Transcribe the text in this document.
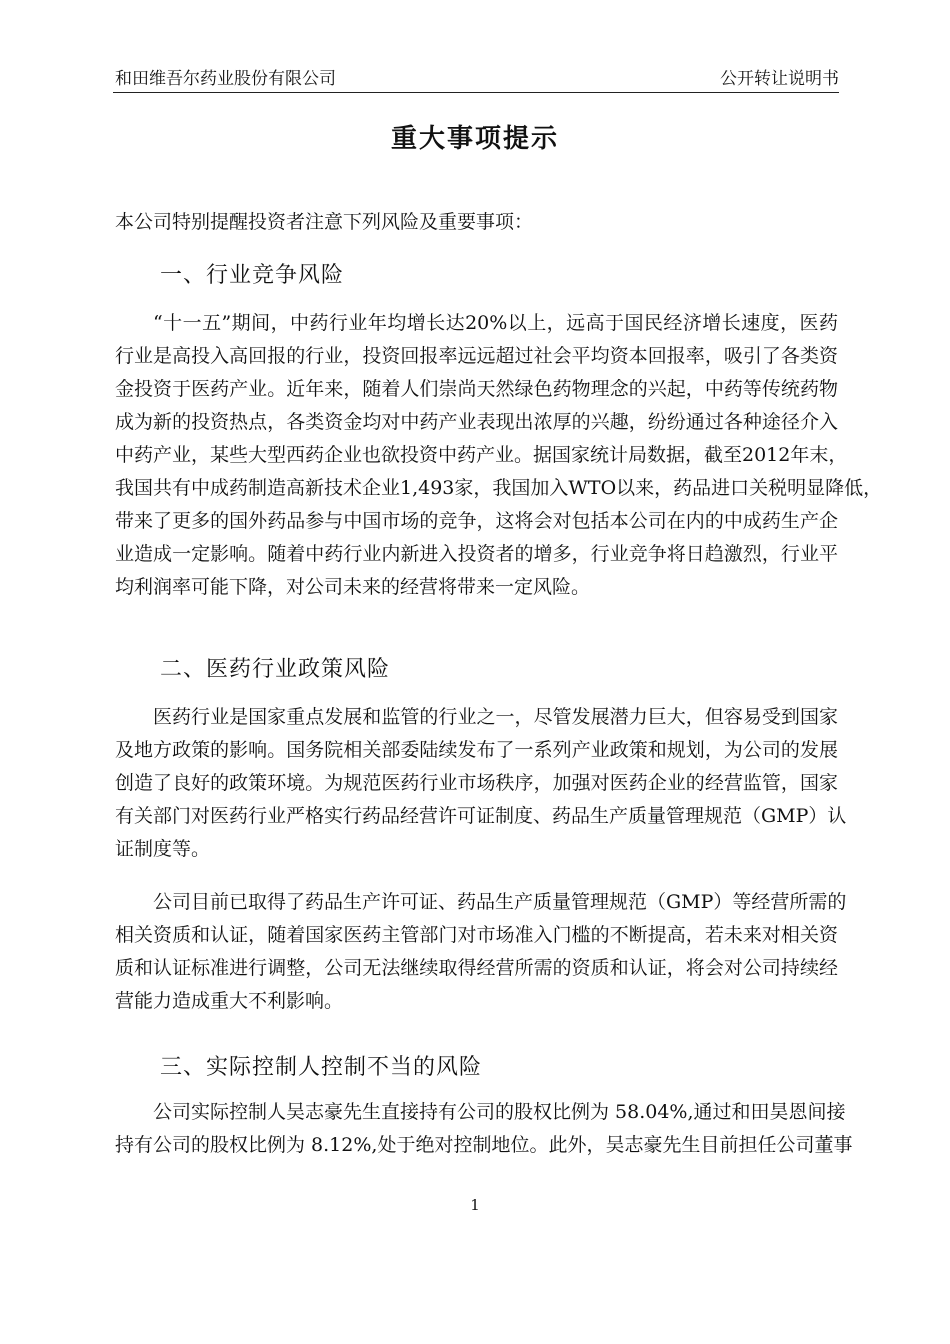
和田维吾尔药业股份有限公司	公开转让说明书
重大事项提示
本公司特别提醒投资者注意下列风险及重要事项：
一、行业竞争风险
“十一五”期间，中药行业年均增长达20%以上，远高于国民经济增长速度，医药
行业是高投入高回报的行业，投资回报率远远超过社会平均资本回报率，吸引了各类资
金投资于医药产业。近年来，随着人们崇尚天然绿色药物理念的兴起，中药等传统药物
成为新的投资热点，各类资金均对中药产业表现出浓厚的兴趣，纷纷通过各种途径介入
中药产业，某些大型西药企业也欲投资中药产业。据国家统计局数据，截至2012年末，
我国共有中成药制造高新技术企业1,493家，我国加入WTO以来，药品进口关税明显降低，
带来了更多的国外药品参与中国市场的竞争，这将会对包括本公司在内的中成药生产企
业造成一定影响。随着中药行业内新进入投资者的增多，行业竞争将日趋激烈，行业平
均利润率可能下降，对公司未来的经营将带来一定风险。
二、医药行业政策风险
医药行业是国家重点发展和监管的行业之一，尽管发展潜力巨大，但容易受到国家
及地方政策的影响。国务院相关部委陆续发布了一系列产业政策和规划，为公司的发展
创造了良好的政策环境。为规范医药行业市场秩序，加强对医药企业的经营监管，国家
有关部门对医药行业严格实行药品经营许可证制度、药品生产质量管理规范（GMP）认
证制度等。
公司目前已取得了药品生产许可证、药品生产质量管理规范（GMP）等经营所需的
相关资质和认证，随着国家医药主管部门对市场准入门槛的不断提高，若未来对相关资
质和认证标准进行调整，公司无法继续取得经营所需的资质和认证，将会对公司持续经
营能力造成重大不利影响。
三、实际控制人控制不当的风险
公司实际控制人吴志豪先生直接持有公司的股权比例为 58.04%,通过和田昊恩间接
持有公司的股权比例为 8.12%,处于绝对控制地位。此外，吴志豪先生目前担任公司董事
1
